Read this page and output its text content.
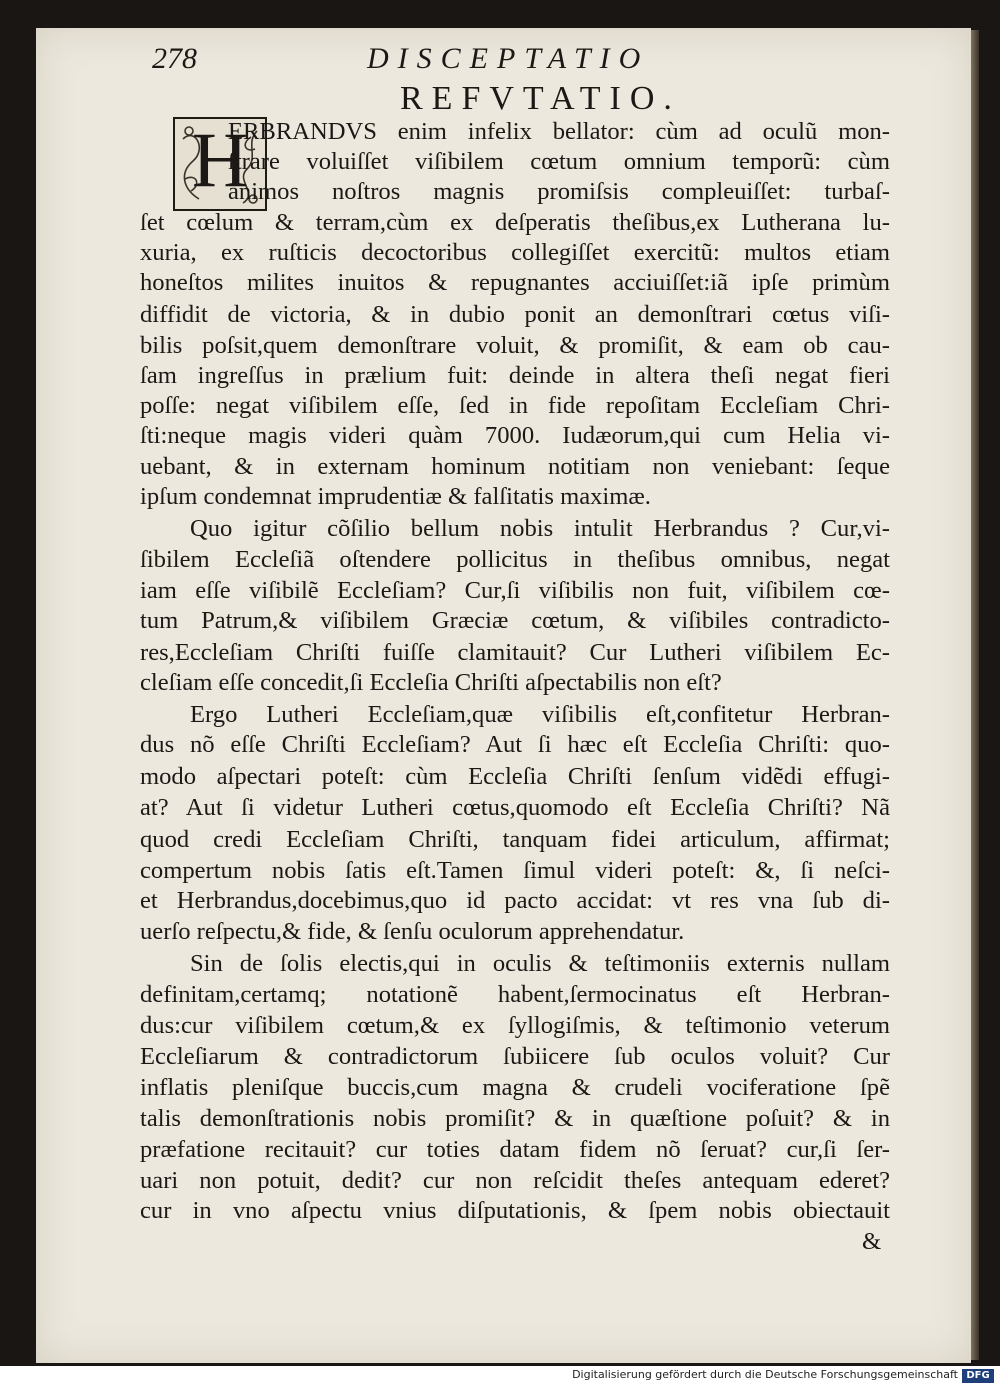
278	DISCEPTATIO
REFVTATIO.
H
ERBRANDVS enim infelix bellator: cùm ad oculũ mon-
ſtrare voluiſſet viſibilem cœtum omnium temporũ: cùm
animos noſtros magnis promiſsis compleuiſſet: turbaſ-
ſet cœlum & terram,cùm ex deſperatis theſibus,ex Lutherana lu-
xuria, ex ruſticis decoctoribus collegiſſet exercitũ: multos etiam
honeſtos milites inuitos & repugnantes acciuiſſet:iã ipſe primùm
diffidit de victoria, & in dubio ponit an demonſtrari cœtus viſi-
bilis poſsit,quem demonſtrare voluit, & promiſit, & eam ob cau-
ſam ingreſſus in prælium fuit: deinde in altera theſi negat fieri
poſſe: negat viſibilem eſſe, ſed in fide repoſitam Eccleſiam Chri-
ſti:neque magis videri quàm 7000. Iudæorum,qui cum Helia vi-
uebant, & in externam hominum notitiam non veniebant: ſeque
ipſum condemnat imprudentiæ & falſitatis maximæ.
Quo igitur cõſilio bellum nobis intulit Herbrandus ? Cur,vi-
ſibilem Eccleſiã oſtendere pollicitus in theſibus omnibus, negat
iam eſſe viſibilẽ Eccleſiam? Cur,ſi viſibilis non fuit, viſibilem cœ-
tum Patrum,& viſibilem Græciæ cœtum, & viſibiles contradicto-
res,Eccleſiam Chriſti fuiſſe clamitauit? Cur Lutheri viſibilem Ec-
cleſiam eſſe concedit,ſi Eccleſia Chriſti aſpectabilis non eſt?
Ergo Lutheri Eccleſiam,quæ viſibilis eſt,confitetur Herbran-
dus nõ eſſe Chriſti Eccleſiam? Aut ſi hæc eſt Eccleſia Chriſti: quo-
modo aſpectari poteſt: cùm Eccleſia Chriſti ſenſum vidẽdi effugi-
at? Aut ſi videtur Lutheri cœtus,quomodo eſt Eccleſia Chriſti? Nã
quod credi Eccleſiam Chriſti, tanquam fidei articulum, affirmat;
compertum nobis ſatis eſt.Tamen ſimul videri poteſt: &, ſi neſci-
et Herbrandus,docebimus,quo id pacto accidat: vt res vna ſub di-
uerſo reſpectu,& fide, & ſenſu oculorum apprehendatur.
Sin de ſolis electis,qui in oculis & teſtimoniis externis nullam
definitam,certamq; notationẽ habent,ſermocinatus eſt Herbran-
dus:cur viſibilem cœtum,& ex ſyllogiſmis, & teſtimonio veterum
Eccleſiarum & contradictorum ſubiicere ſub oculos voluit? Cur
inflatis pleniſque buccis,cum magna & crudeli vociferatione ſpẽ
talis demonſtrationis nobis promiſit? & in quæſtione poſuit? & in
præfatione recitauit? cur toties datam fidem nõ ſeruat? cur,ſi ſer-
uari non potuit, dedit? cur non reſcidit theſes antequam ederet?
cur in vno aſpectu vnius diſputationis, & ſpem nobis obiectauit
&
Digitalisierung gefördert durch die Deutsche Forschungsgemeinschaft DFG
